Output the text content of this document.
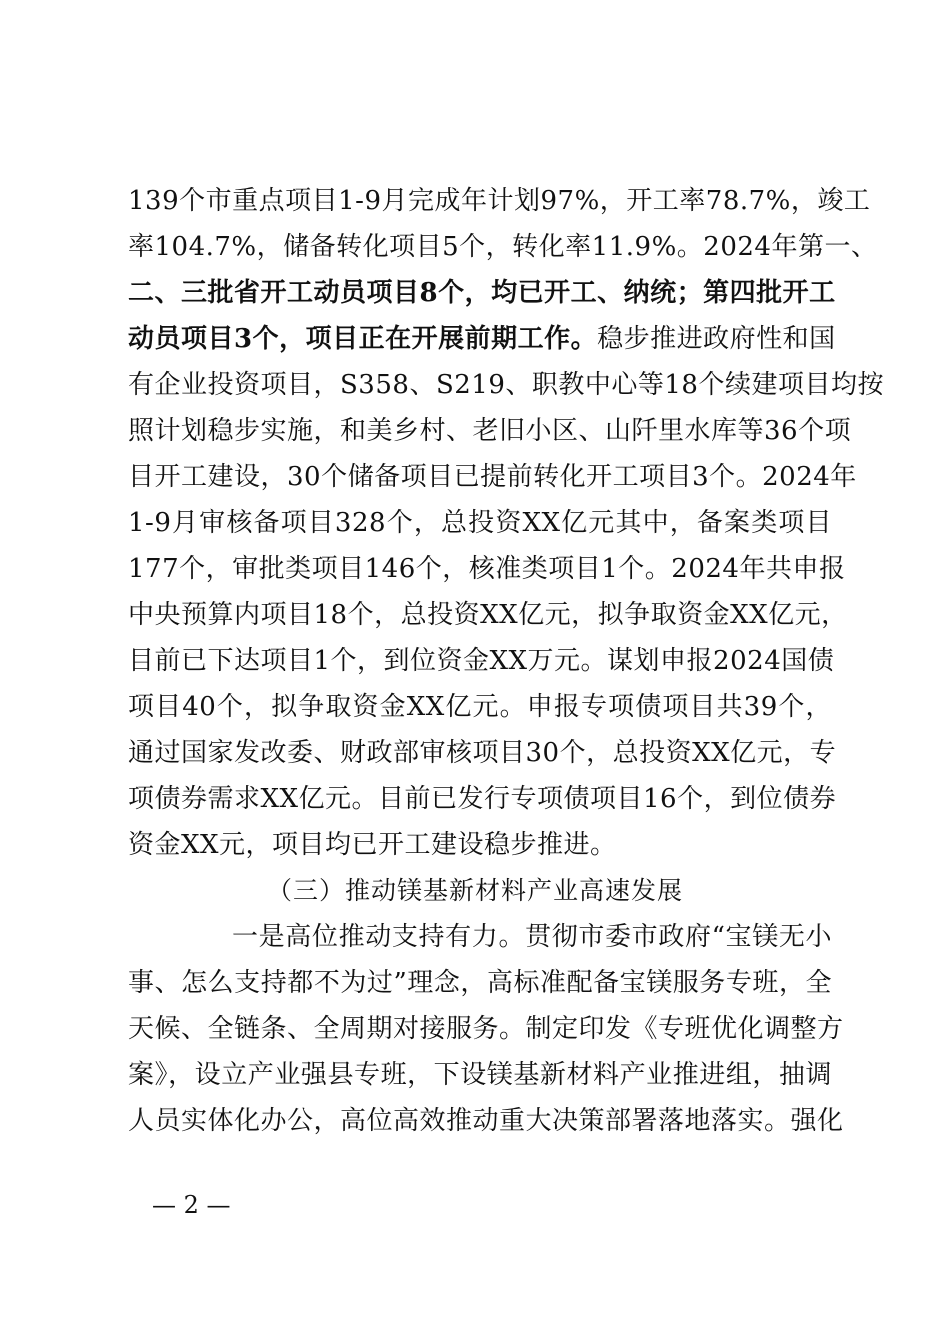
139个市重点项目1-9月完成年计划97%，开工率78.7%，竣工
率104.7%，储备转化项目5个，转化率11.9%。2024年第一、
二、三批省开工动员项目8个，均已开工、纳统；第四批开工
动员项目3个，项目正在开展前期工作。稳步推进政府性和国
有企业投资项目，S358、S219、职教中心等18个续建项目均按
照计划稳步实施，和美乡村、老旧小区、山阡里水库等36个项
目开工建设，30个储备项目已提前转化开工项目3个。2024年
1-9月审核备项目328个，总投资XX亿元其中，备案类项目
177个，审批类项目146个，核准类项目1个。2024年共申报
中央预算内项目18个，总投资XX亿元，拟争取资金XX亿元，
目前已下达项目1个，到位资金XX万元。谋划申报2024国债
项目40个，拟争取资金XX亿元。申报专项债项目共39个，
通过国家发改委、财政部审核项目30个，总投资XX亿元，专
项债券需求XX亿元。目前已发行专项债项目16个，到位债券
资金XX元，项目均已开工建设稳步推进。
（三）推动镁基新材料产业高速发展
一是高位推动支持有力。贯彻市委市政府“宝镁无小
事、怎么支持都不为过”理念，高标准配备宝镁服务专班，全
天候、全链条、全周期对接服务。制定印发《专班优化调整方
案》，设立产业强县专班，下设镁基新材料产业推进组，抽调
人员实体化办公，高位高效推动重大决策部署落地落实。强化
— 2 —
